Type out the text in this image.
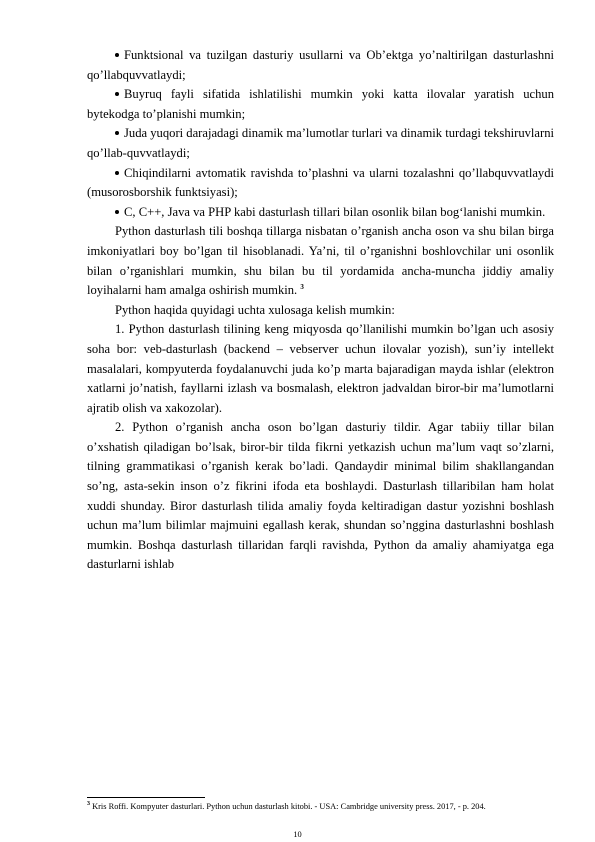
Funktsional va tuzilgan dasturiy usullarni va Ob’ektga yo’naltirilgan dasturlashni qo’llabquvvatlaydi;

Buyruq fayli sifatida ishlatilishi mumkin yoki katta ilovalar yaratish uchun bytekodga to’planishi mumkin;

Juda yuqori darajadagi dinamik ma’lumotlar turlari va dinamik turdagi tekshiruvlarni qo’llab-quvvatlaydi;

Chiqindilarni avtomatik ravishda to’plashni va ularni tozalashni qo’llabquvvatlaydi (musorosborshik funktsiyasi);

C, C++, Java va PHP kabi dasturlash tillari bilan osonlik bilan bog‘lanishi mumkin.

Python dasturlash tili boshqa tillarga nisbatan o’rganish ancha oson va shu bilan birga imkoniyatlari boy bo’lgan til hisoblanadi. Ya’ni, til o’rganishni boshlovchilar uni osonlik bilan o’rganishlari mumkin, shu bilan bu til yordamida ancha-muncha jiddiy amaliy loyihalarni ham amalga oshirish mumkin. $^3$

Python haqida quyidagi uchta xulosaga kelish mumkin:

1. Python dasturlash tilining keng miqyosda qo’llanilishi mumkin bo’lgan uch asosiy soha bor: veb-dasturlash (backend – vebserver uchun ilovalar yozish), sun’iy intellekt masalalari, kompyuterda foydalanuvchi juda ko’p marta bajaradigan mayda ishlar (elektron xatlarni jo’natish, fayllarni izlash va bosmalash, elektron jadvaldan biror-bir ma’lumotlarni ajratib olish va xakozolar).

2. Python o’rganish ancha oson bo’lgan dasturiy tildir. Agar tabiiy tillar bilan o’xshatish qiladigan bo’lsak, biror-bir tilda fikrni yetkazish uchun ma’lum vaqt so’zlarni, tilning grammatikasi o’rganish kerak bo’ladi. Qandaydir minimal bilim shakllangandan so’ng, asta-sekin inson o’z fikrini ifoda eta boshlaydi. Dasturlash tillaribilan ham holat xuddi shunday. Biror dasturlash tilida amaliy foyda keltiradigan dastur yozishni boshlash uchun ma’lum bilimlar majmuini egallash kerak, shundan so’nggina dasturlashni boshlash mumkin. Boshqa dasturlash tillaridan farqli ravishda, Python da amaliy ahamiyatga ega dasturlarni ishlab

$^3$ Kris Roffi. Kompyuter dasturlari. Python uchun dasturlash kitobi. - USA: Cambridge university press. 2017, - p. 204.
10
